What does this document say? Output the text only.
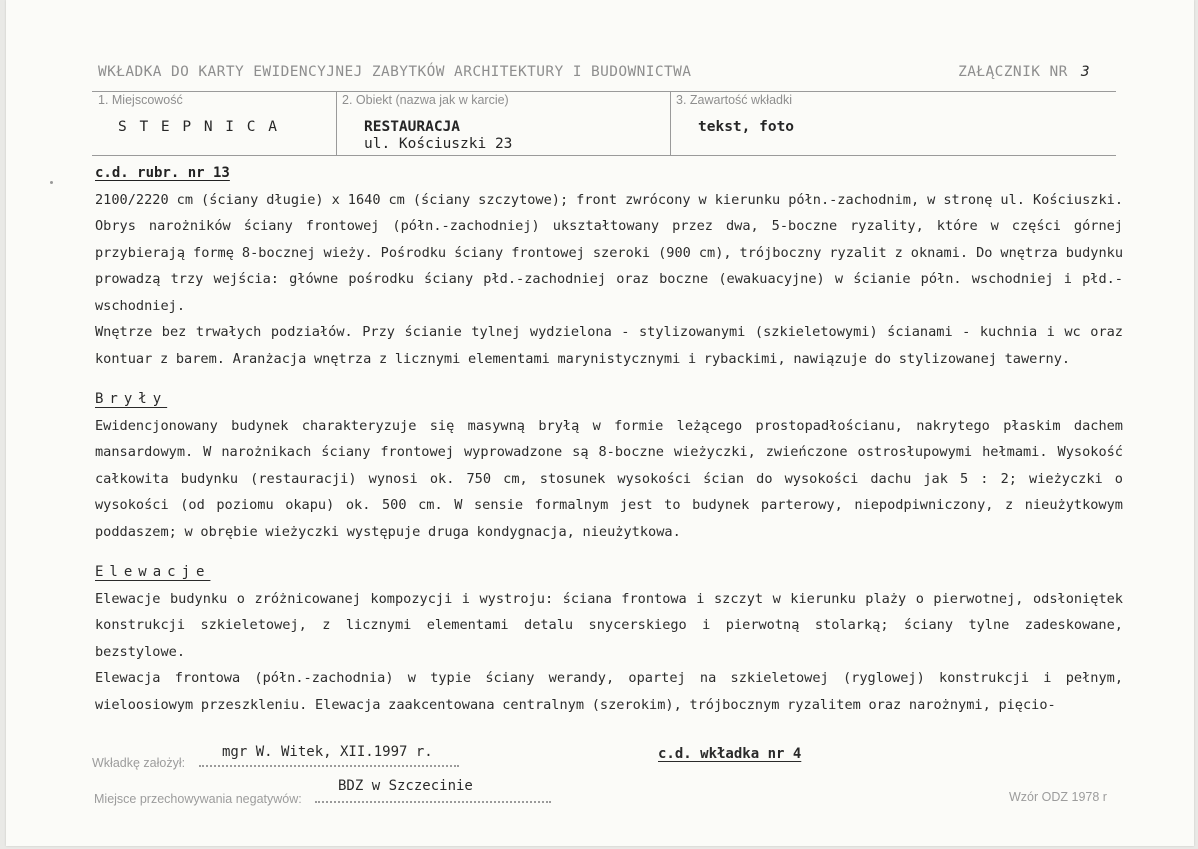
WKŁADKA DO KARTY EWIDENCYJNEJ ZABYTKÓW ARCHITEKTURY I BUDOWNICTWA	ZAŁĄCZNIK NR 3
1. Miejscowość
S T E P N I C A
2. Obiekt (nazwa jak w karcie)
RESTAURACJA
ul. Kościuszki 23
3. Zawartość wkładki
tekst, foto
c.d. rubr. nr 13

2100/2220 cm (ściany długie) x 1640 cm (ściany szczytowe); front zwrócony w kierunku półn.-zachodnim, w stronę ul. Kościuszki. Obrys narożników ściany frontowej (półn.-zachodniej) ukształtowany przez dwa, 5-boczne ryzality, które w części górnej przybierają formę 8-bocznej wieży. Pośrodku ściany frontowej szeroki (900 cm), trójboczny ryzalit z oknami. Do wnętrza budynku prowadzą trzy wejścia: główne pośrodku ściany płd.-zachodniej oraz boczne (ewakuacyjne) w ścianie półn. wschodniej i płd.-wschodniej.

Wnętrze bez trwałych podziałów. Przy ścianie tylnej wydzielona - stylizowanymi (szkieletowymi) ścianami - kuchnia i wc oraz kontuar z barem. Aranżacja wnętrza z licznymi elementami marynistycznymi i rybackimi, nawiązuje do stylizowanej tawerny.

Bryły

Ewidencjonowany budynek charakteryzuje się masywną bryłą w formie leżącego prostopadłościanu, nakrytego płaskim dachem mansardowym. W narożnikach ściany frontowej wyprowadzone są 8-boczne wieżyczki, zwieńczone ostrosłupowymi hełmami. Wysokość całkowita budynku (restauracji) wynosi ok. 750 cm, stosunek wysokości ścian do wysokości dachu jak 5 : 2; wieżyczki o wysokości (od poziomu okapu) ok. 500 cm. W sensie formalnym jest to budynek parterowy, niepodpiwniczony, z nieużytkowym poddaszem; w obrębie wieżyczki występuje druga kondygnacja, nieużytkowa.

Elewacje

Elewacje budynku o zróżnicowanej kompozycji i wystroju: ściana frontowa i szczyt w kierunku plaży o pierwotnej, odsłoniętek konstrukcji szkieletowej, z licznymi elementami detalu snycerskiego i pierwotną stolarką; ściany tylne zadeskowane, bezstylowe.

Elewacja frontowa (półn.-zachodnia) w typie ściany werandy, opartej na szkieletowej (ryglowej) konstrukcji i pełnym, wieloosiowym przeszkleniu. Elewacja zaakcentowana centralnym (szerokim), trójbocznym ryzalitem oraz narożnymi, pięcio-

Wkładkę założył:
mgr W. Witek, XII.1997 r.	c.d. wkładka nr 4
Miejsce przechowywania negatywów:
BDZ w Szczecinie
Wzór ODZ 1978 r
